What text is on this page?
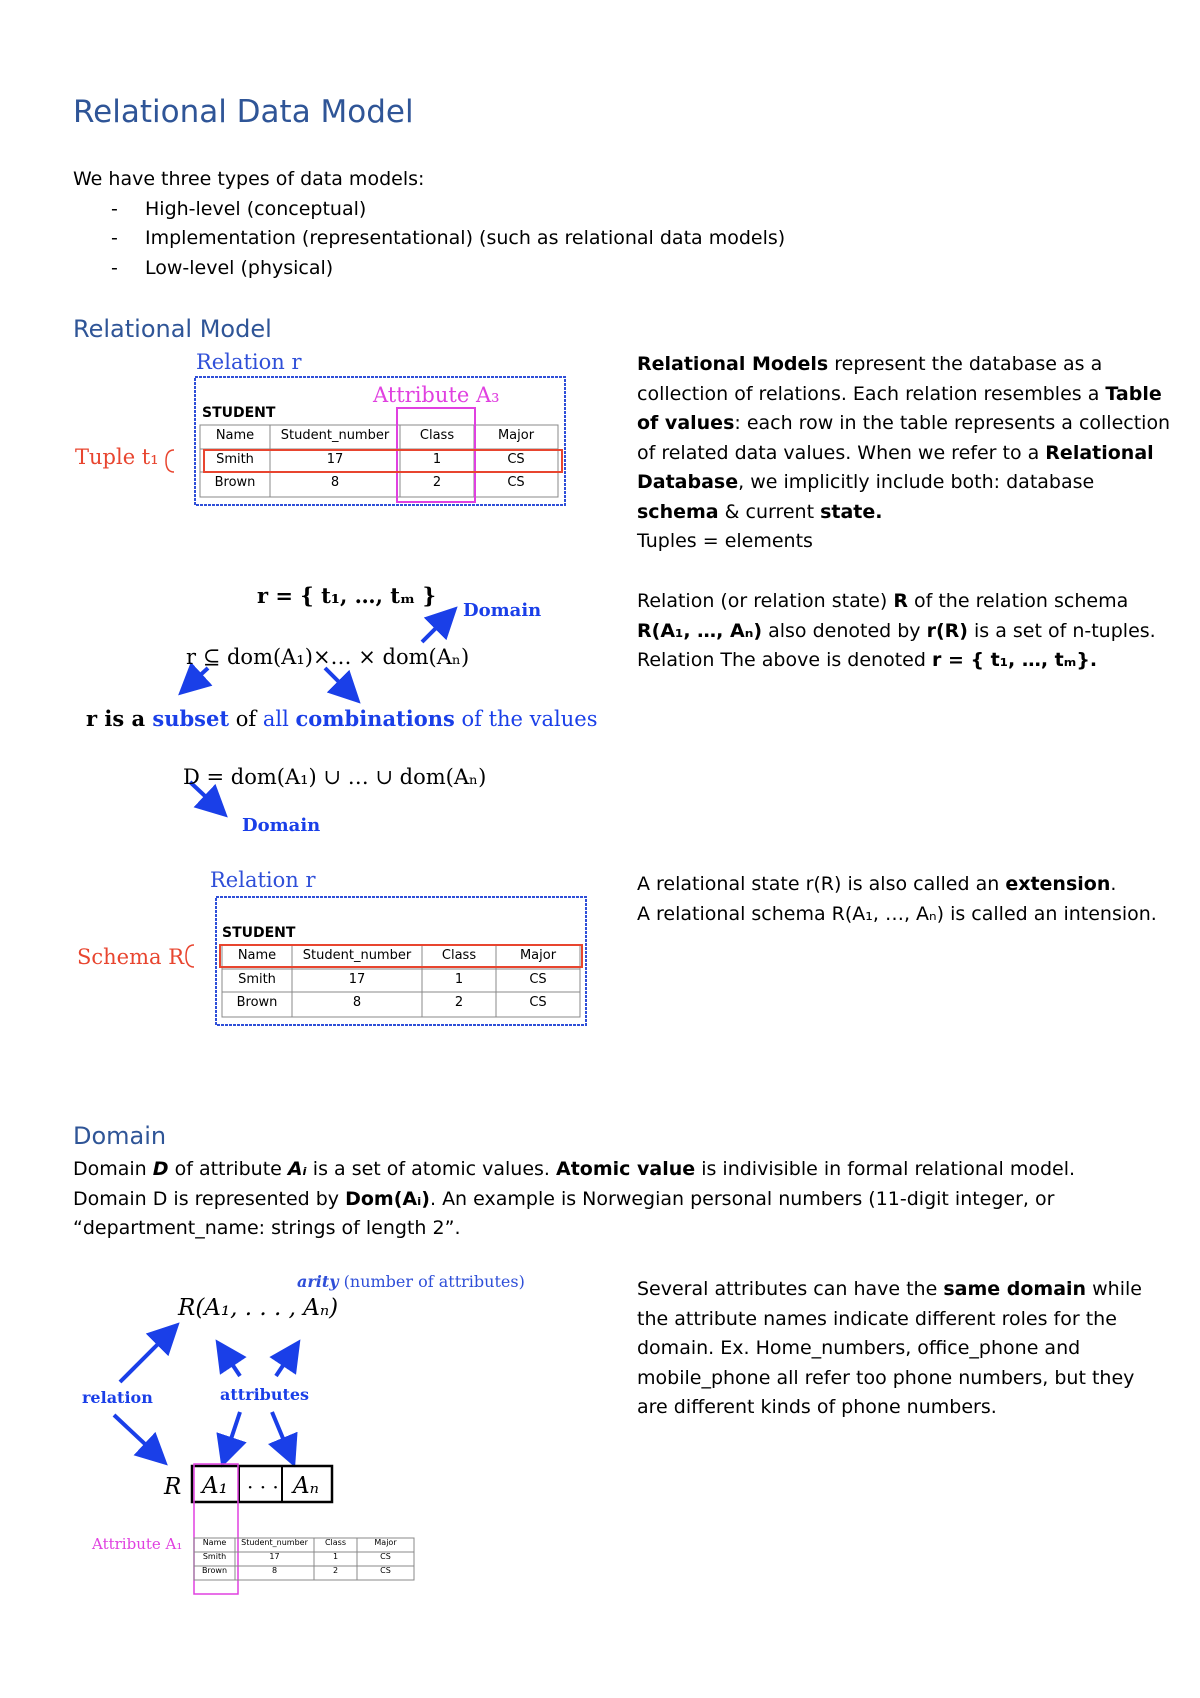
Relational Data Model
We have three types of data models:
- High-level (conceptual)
- Implementation (representational) (such as relational data models)
- Low-level (physical)
Relational Model
Relation r
Attribute A₃
Tuple t₁
STUDENT
Name	Student_number	Class	Major
Smith	17	1	CS
Brown	8	2	CS
Relational Models represent the database as a collection of relations. Each relation resembles a Table of values: each row in the table represents a collection of related data values. When we refer to a Relational Database, we implicitly include both: database schema & current state.
Tuples = elements
r = { t₁, …, tₘ }
Domain
r ⊆ dom(A₁)×… × dom(Aₙ)
r is a subset of all combinations of the values
D = dom(A₁) ∪ … ∪ dom(Aₙ)
Domain
Relation (or relation state) R of the relation schema R(A₁, …, Aₙ) also denoted by r(R) is a set of n-tuples. Relation The above is denoted r = { t₁, …, tₘ}.
Relation r
Schema R
STUDENT
Name	Student_number	Class	Major
Smith	17	1	CS
Brown	8	2	CS
A relational state r(R) is also called an extension.
A relational schema R(A₁, …, Aₙ) is called an intension.
Domain
Domain D of attribute Aᵢ is a set of atomic values. Atomic value is indivisible in formal relational model. Domain D is represented by Dom(Aᵢ). An example is Norwegian personal numbers (11-digit integer, or “department_name: strings of length 2”.
arity (number of attributes)
R(A₁, . . . , Aₙ)
relation	attributes
R A₁ · · · Aₙ
Attribute A₁	Name	Student_number	Class	Major
Smith	17	1	CS
Brown	8	2	CS
Several attributes can have the same domain while the attribute names indicate different roles for the domain. Ex. Home_numbers, office_phone and mobile_phone all refer too phone numbers, but they are different kinds of phone numbers.
